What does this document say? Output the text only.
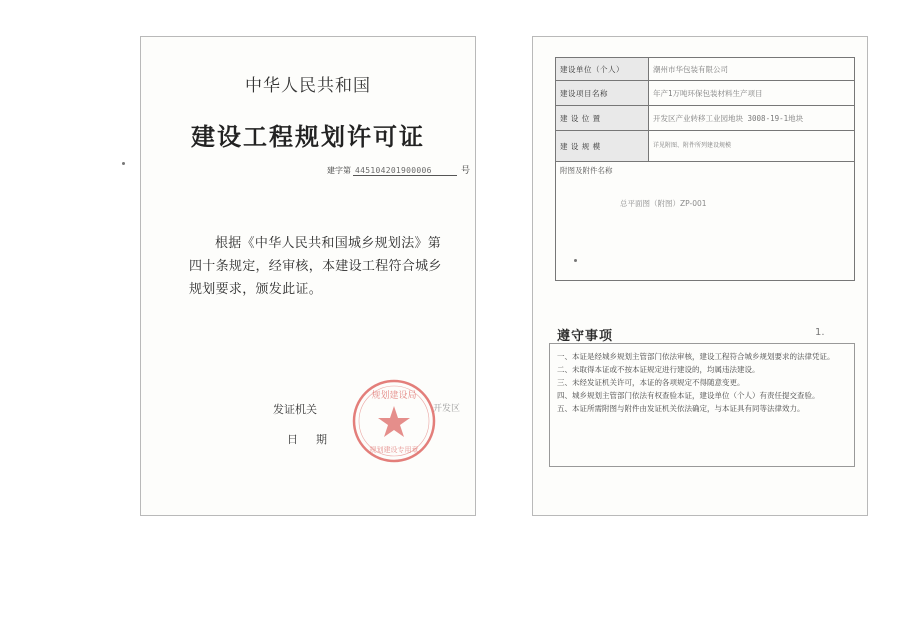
中华人民共和国
建设工程规划许可证
建字第 445104201900006	号
根据《中华人民共和国城乡规划法》第四十条规定，经审核，本建设工程符合城乡规划要求，颁发此证。
发证机关	开发区
日 期
规划建设局
规划建设专用章
建设单位（个人）	潮州市华包装有限公司
建设项目名称	年产1万吨环保包装材料生产项目
建 设 位 置	开发区产业转移工业园地块 3008-19-1地块
建 设 规 模	详见附图、附件所列建设规模

附图及附件名称
总平面图（附图）ZP-001	
遵守事项	1.
一、本证是经城乡规划主管部门依法审核，建设工程符合城乡规划要求的法律凭证。
二、未取得本证或不按本证规定进行建设的，均属违法建设。
三、未经发证机关许可，本证的各项规定不得随意变更。
四、城乡规划主管部门依法有权查验本证，建设单位（个人）有责任提交查验。
五、本证所需附图与附件由发证机关依法确定，与本证具有同等法律效力。
